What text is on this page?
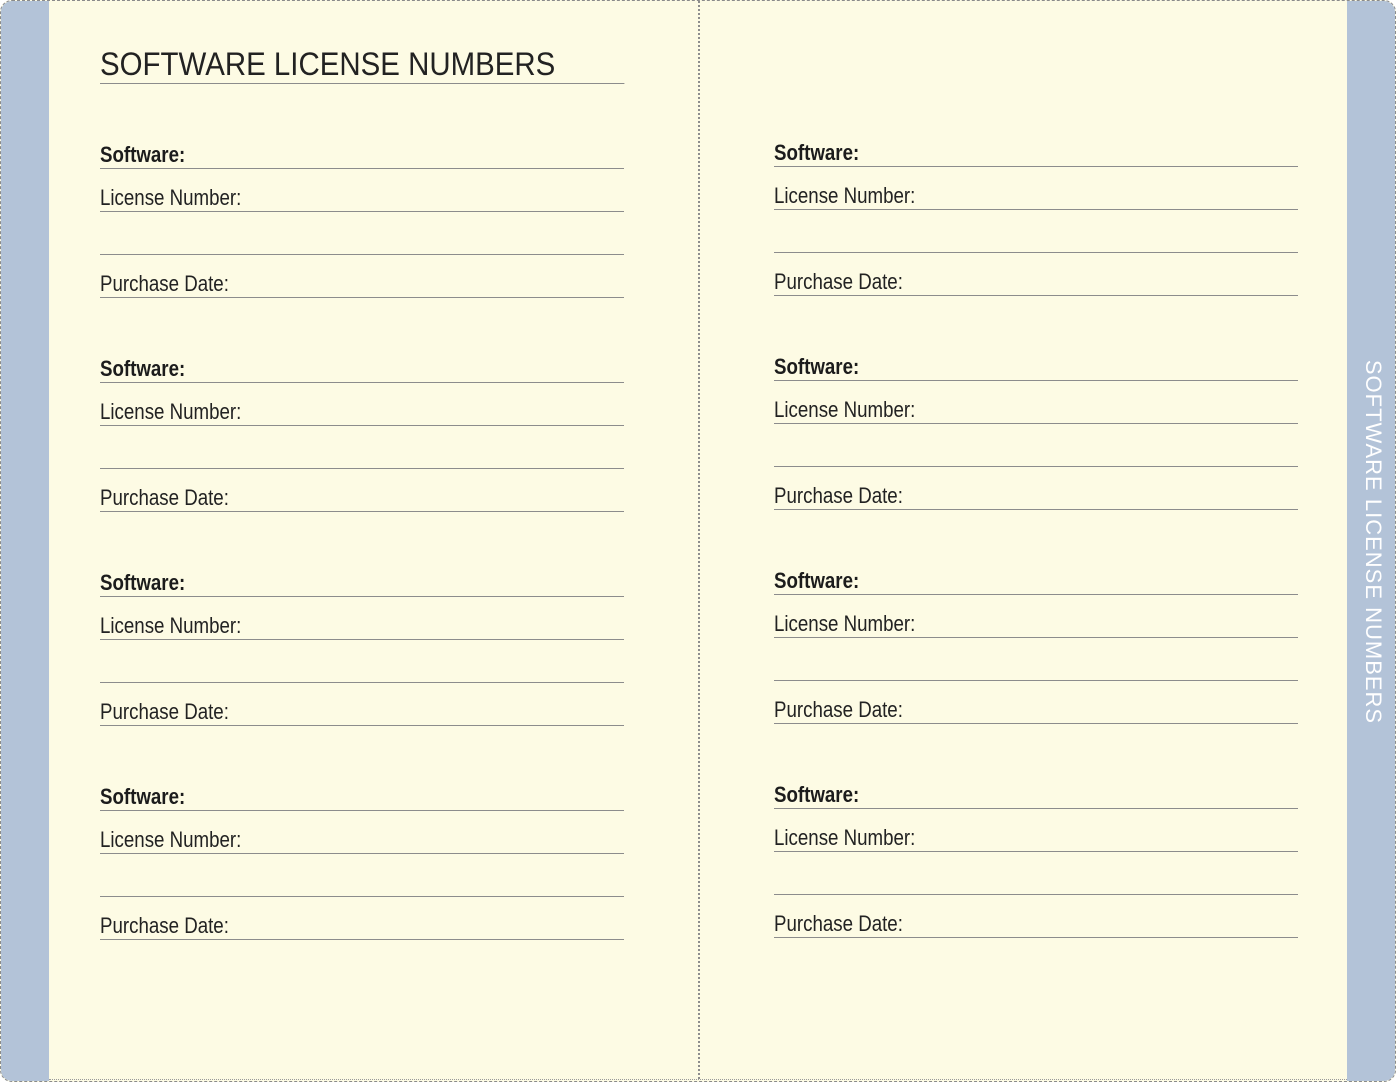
SOFTWARE LICENSE NUMBERS
SOFTWARE LICENSE NUMBERS
Software:
License Number:
Purchase Date:
Software:
License Number:
Purchase Date:
Software:
License Number:
Purchase Date:
Software:
License Number:
Purchase Date:
Software:
License Number:
Purchase Date:
Software:
License Number:
Purchase Date:
Software:
License Number:
Purchase Date:
Software:
License Number:
Purchase Date:
